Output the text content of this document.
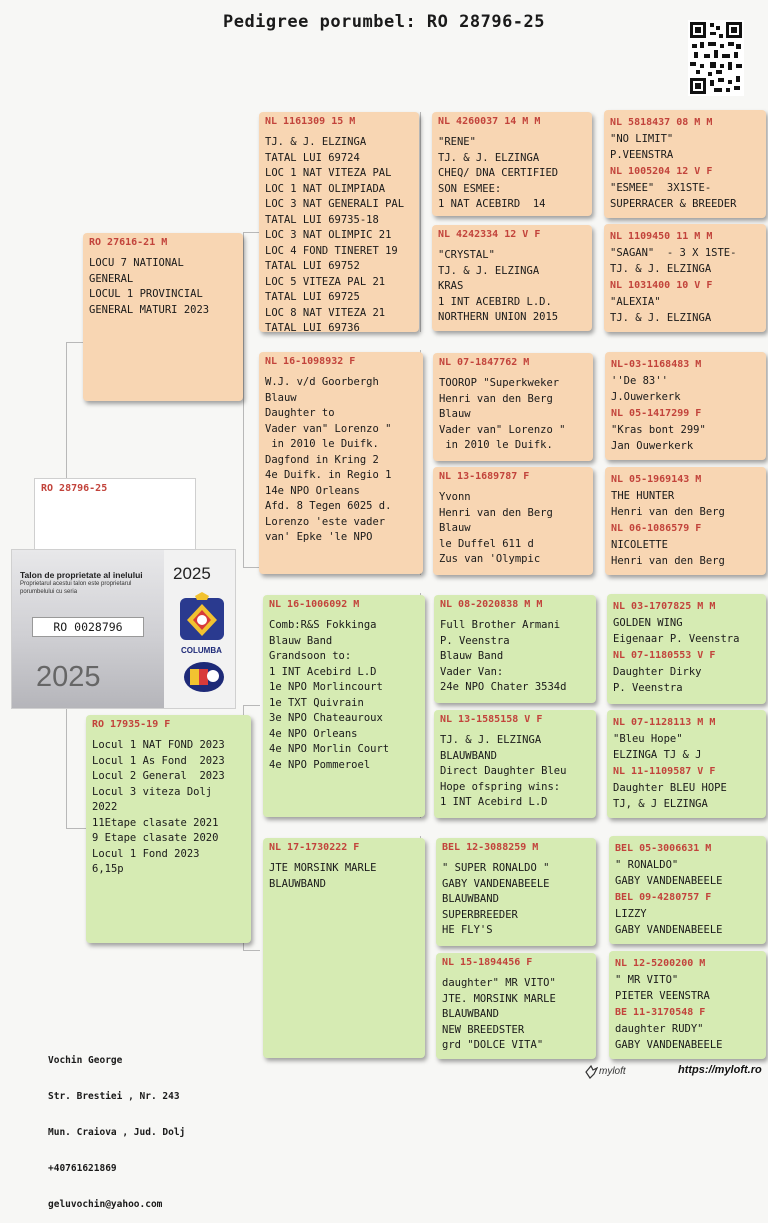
Pedigree porumbel: RO 28796-25
RO 28796-25
Talon de proprietate al inelului
Proprietarul acestui talon este proprietarul porumbelului cu seria
RO 0028796
2025
2025
COLUMBA
RO 27616-21 M
LOCU 7 NATIONAL
GENERAL
LOCUL 1 PROVINCIAL
GENERAL MATURI 2023
RO 17935-19 F
Locul 1 NAT FOND 2023
Locul 1 As Fond  2023
Locul 2 General  2023
Locul 3 viteza Dolj
2022
11Etape clasate 2021
9 Etape clasate 2020
Locul 1 Fond 2023
6,15p
NL 1161309 15 M
TJ. & J. ELZINGA
TATAL LUI 69724
LOC 1 NAT VITEZA PAL
LOC 1 NAT OLIMPIADA
LOC 3 NAT GENERALI PAL
TATAL LUI 69735-18
LOC 3 NAT OLIMPIC 21
LOC 4 FOND TINERET 19
TATAL LUI 69752
LOC 5 VITEZA PAL 21
TATAL LUI 69725
LOC 8 NAT VITEZA 21
TATAL LUI 69736
NL 16-1098932 F
W.J. v/d Goorbergh
Blauw
Daughter to
Vader van" Lorenzo "
in 2010 le Duifk.
Dagfond in Kring 2
4e Duifk. in Regio 1
14e NPO Orleans
Afd. 8 Tegen 6025 d.
Lorenzo 'este vader
van' Epke 'le NPO
NL 16-1006092 M
Comb:R&S Fokkinga
Blauw Band
Grandsoon to:
1 INT Acebird L.D
1e NPO Morlincourt
1e TXT Quivrain
3e NPO Chateauroux
4e NPO Orleans
4e NPO Morlin Court
4e NPO Pommeroel
NL 17-1730222 F
JTE MORSINK MARLE
BLAUWBAND
NL 4260037 14 M M
"RENE"
TJ. & J. ELZINGA
CHEQ/ DNA CERTIFIED
SON ESMEE:
1 NAT ACEBIRD  14
NL 4242334 12 V F
"CRYSTAL"
TJ. & J. ELZINGA
KRAS
1 INT ACEBIRD L.D.
NORTHERN UNION 2015
NL 07-1847762 M
TOOROP "Superkweker
Henri van den Berg
Blauw
Vader van" Lorenzo "
in 2010 le Duifk.
NL 13-1689787 F
Yvonn
Henri van den Berg
Blauw
le Duffel 611 d
Zus van 'Olympic
NL 08-2020838 M M
Full Brother Armani
P. Veenstra
Blauw Band
Vader Van:
24e NPO Chater 3534d
NL 13-1585158 V F
TJ. & J. ELZINGA
BLAUWBAND
Direct Daughter Bleu
Hope ofspring wins:
1 INT Acebird L.D
BEL 12-3088259 M
" SUPER RONALDO "
GABY VANDENABEELE
BLAUWBAND
SUPERBREEDER
HE FLY'S
NL 15-1894456 F
daughter" MR VITO"
JTE. MORSINK MARLE
BLAUWBAND
NEW BREEDSTER
grd "DOLCE VITA"
NL 5818437 08 M M
"NO LIMIT"
P.VEENSTRA
NL 1005204 12 V F
"ESMEE"  3X1STE-
SUPERRACER & BREEDER
NL 1109450 11 M M
"SAGAN"  - 3 X 1STE-
TJ. & J. ELZINGA
NL 1031400 10 V F
"ALEXIA"
TJ. & J. ELZINGA
NL-03-1168483 M
''De 83''
J.Ouwerkerk
NL 05-1417299 F
"Kras bont 299"
Jan Ouwerkerk
NL 05-1969143 M
THE HUNTER
Henri van den Berg
NL 06-1086579 F
NICOLETTE
Henri van den Berg
NL 03-1707825 M M
GOLDEN WING
Eigenaar P. Veenstra
NL 07-1180553 V F
Daughter Dirky
P. Veenstra
NL 07-1128113 M M
"Bleu Hope"
ELZINGA TJ & J
NL 11-1109587 V F
Daughter BLEU HOPE
TJ, & J ELZINGA
BEL 05-3006631 M
" RONALDO"
GABY VANDENABEELE
BEL 09-4280757 F
LIZZY
GABY VANDENABEELE
NL 12-5200200 M
" MR VITO"
PIETER VEENSTRA
BE 11-3170548 F
daughter RUDY"
GABY VANDENABEELE

Vochin George

Str. Brestiei , Nr. 243

Mun. Craiova , Jud. Dolj

+40761621869

geluvochin@yahoo.com

myloft	https://myloft.ro
